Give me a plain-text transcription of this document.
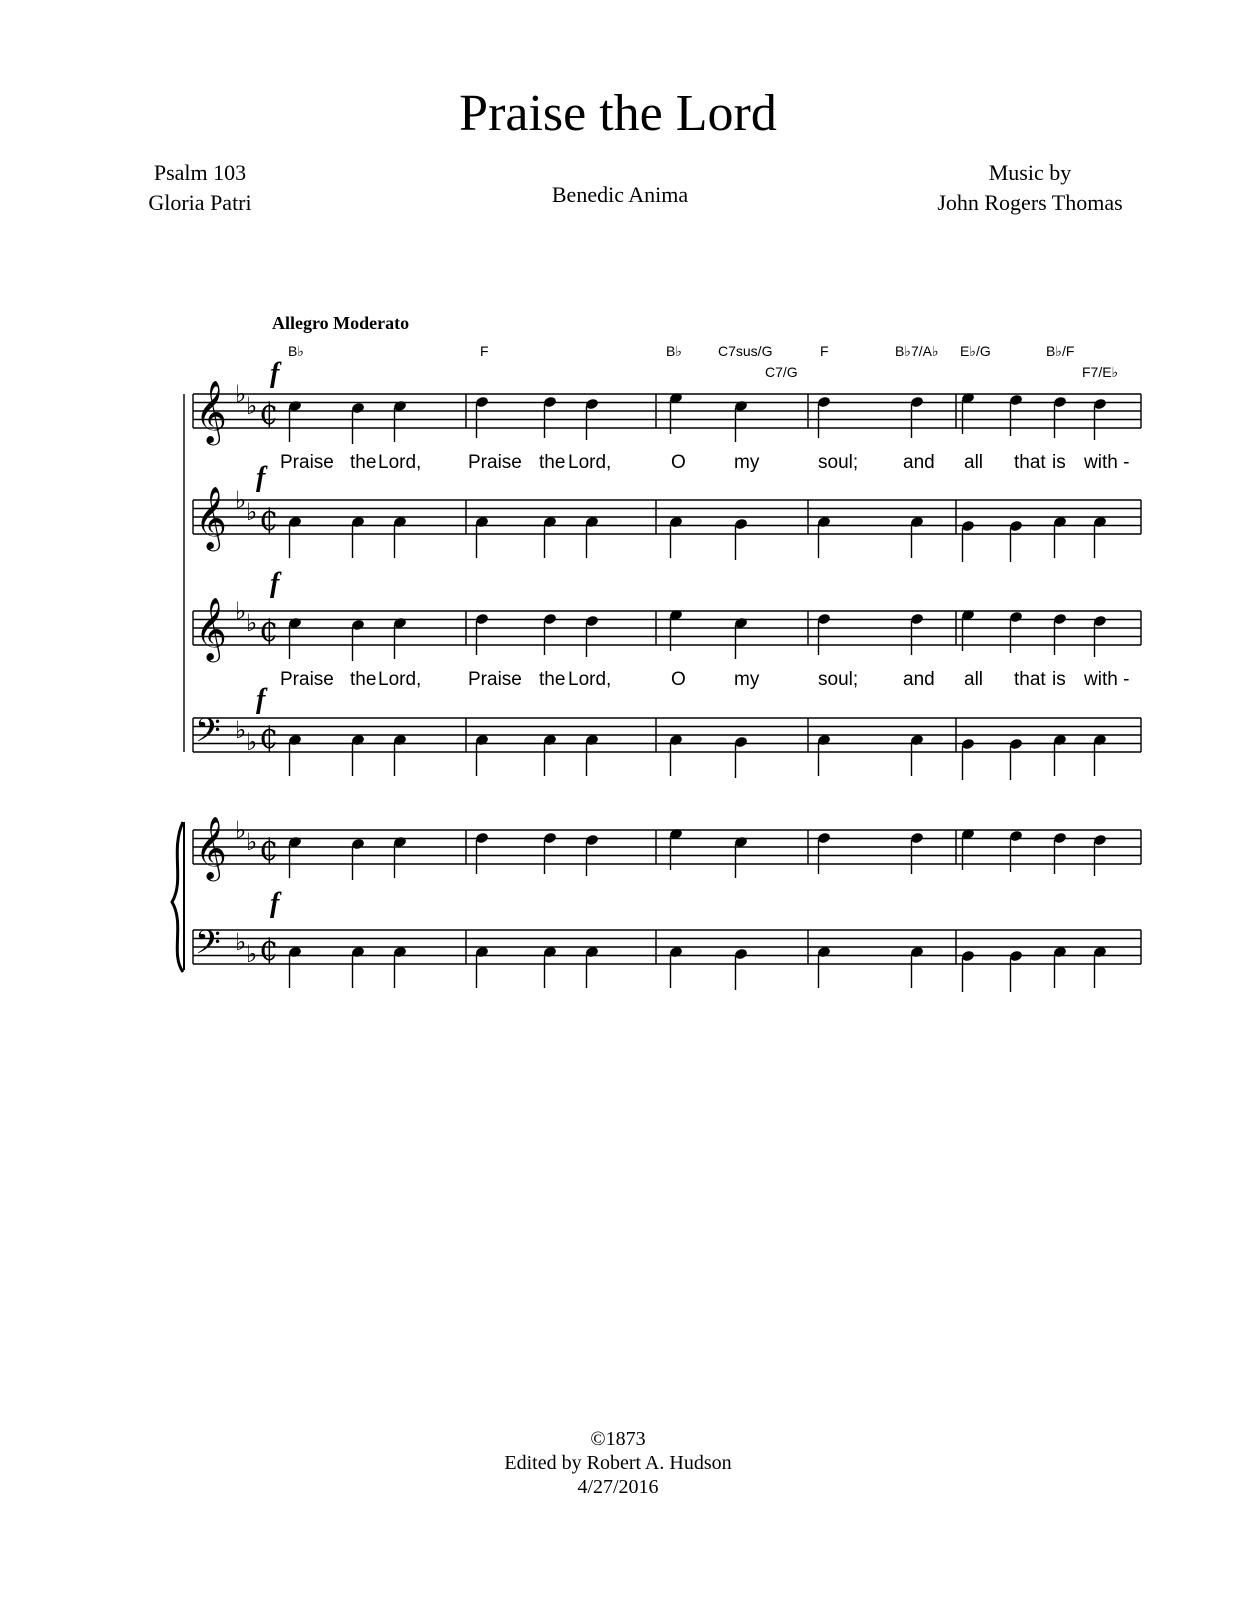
Praise the Lord
Psalm 103
Gloria Patri	Benedic Anima
Music by
John Rogers Thomas
Allegro Moderato
B♭	F	B♭	C7sus/G	F	B♭7/A♭ E♭/G	B♭/F
C7/G	F7/E♭
f
f
f
f
f
Praise the Lord, Praise the Lord,	O	my	soul; and all that is with -
Praise the Lord, Praise the Lord,	O	my	soul; and all that is with -
𝄞 ♭ ♭ ₵
𝄞 ♭ ♭ ₵
𝄞 ♭ ♭ ₵
𝄢 ♭ ♭ ₵
𝄞 ♭ ♭ ₵
𝄢 ♭ ♭ ₵
©1873
Edited by Robert A. Hudson
4/27/2016
